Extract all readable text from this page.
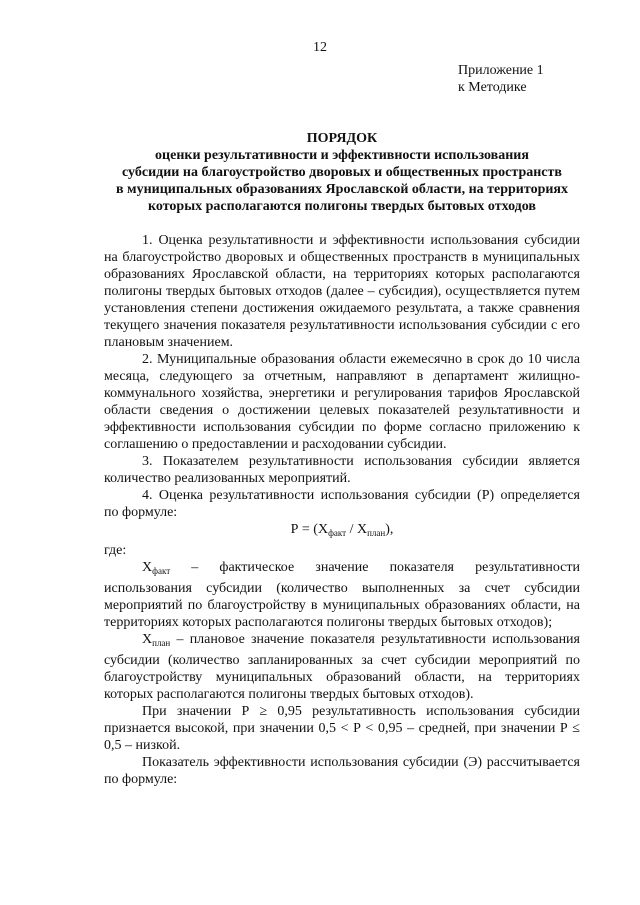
12
Приложение 1
к Методике
ПОРЯДОК
оценки результативности и эффективности использования
субсидии на благоустройство дворовых и общественных пространств
в муниципальных образованиях Ярославской области, на территориях
которых располагаются полигоны твердых бытовых отходов

1. Оценка результативности и эффективности использования субсидии на благоустройство дворовых и общественных пространств в муниципальных образованиях Ярославской области, на территориях которых располагаются полигоны твердых бытовых отходов (далее – субсидия), осуществляется путем установления степени достижения ожидаемого результата, а также сравнения текущего значения показателя результативности использования субсидии с его плановым значением.

2. Муниципальные образования области ежемесячно в срок до 10 числа месяца, следующего за отчетным, направляют в департамент жилищно-коммунального хозяйства, энергетики и регулирования тарифов Ярославской области сведения о достижении целевых показателей результативности и эффективности использования субсидии по форме согласно приложению к соглашению о предоставлении и расходовании субсидии.

3. Показателем результативности использования субсидии является количество реализованных мероприятий.

4. Оценка результативности использования субсидии (Р) определяется по формуле:

$Р = (Х_{факт} / Х_{план})$,

где:

$Х_{факт}$ – фактическое значение показателя результативности использования субсидии (количество выполненных за счет субсидии мероприятий по благоустройству в муниципальных образованиях области, на территориях которых располагаются полигоны твердых бытовых отходов);

$Х_{план}$ – плановое значение показателя результативности использования субсидии (количество запланированных за счет субсидии мероприятий по благоустройству муниципальных образований области, на территориях которых располагаются полигоны твердых бытовых отходов).

При значении Р ≥ 0,95 результативность использования субсидии признается высокой, при значении 0,5 < Р < 0,95 – средней, при значении Р ≤ 0,5 – низкой.

Показатель эффективности использования субсидии (Э) рассчитывается по формуле:
